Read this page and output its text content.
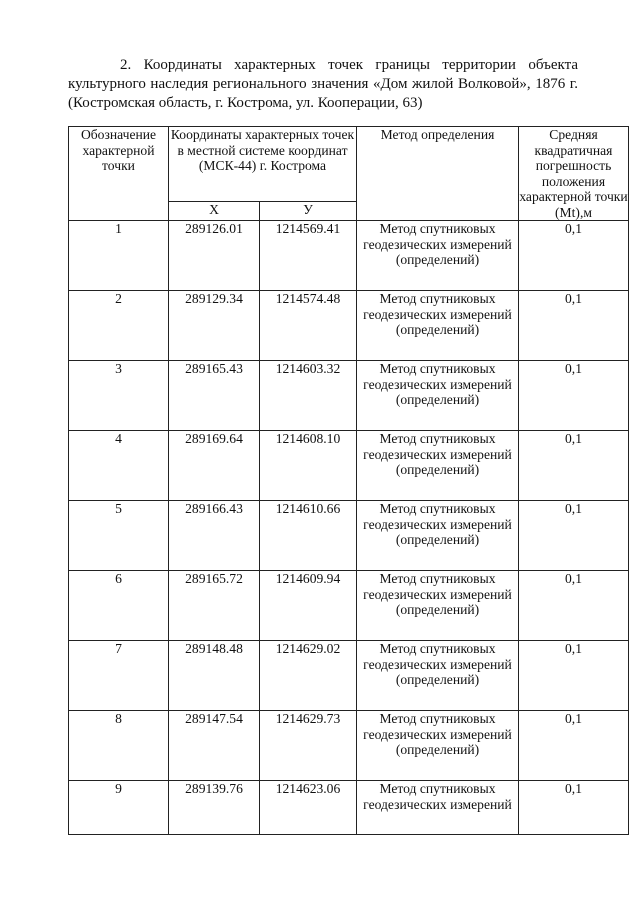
2. Координаты характерных точек границы территории объекта культурного наследия регионального значения «Дом жилой Волковой», 1876 г. (Костромская область, г. Кострома, ул. Кооперации, 63)
Обозначение характерной точки	Координаты характерных точек в местной системе координат (МСК-44) г. Кострома		Метод определения	Средняя квадратичная погрешность положения характерной точки (Mt),м
	X	У		
1	289126.01	1214569.41	Метод спутниковых геодезических измерений (определений)	0,1
2	289129.34	1214574.48	Метод спутниковых геодезических измерений (определений)	0,1
3	289165.43	1214603.32	Метод спутниковых геодезических измерений (определений)	0,1
4	289169.64	1214608.10	Метод спутниковых геодезических измерений (определений)	0,1
5	289166.43	1214610.66	Метод спутниковых геодезических измерений (определений)	0,1
6	289165.72	1214609.94	Метод спутниковых геодезических измерений (определений)	0,1
7	289148.48	1214629.02	Метод спутниковых геодезических измерений (определений)	0,1
8	289147.54	1214629.73	Метод спутниковых геодезических измерений (определений)	0,1
9	289139.76	1214623.06	Метод спутниковых геодезических измерений	0,1
